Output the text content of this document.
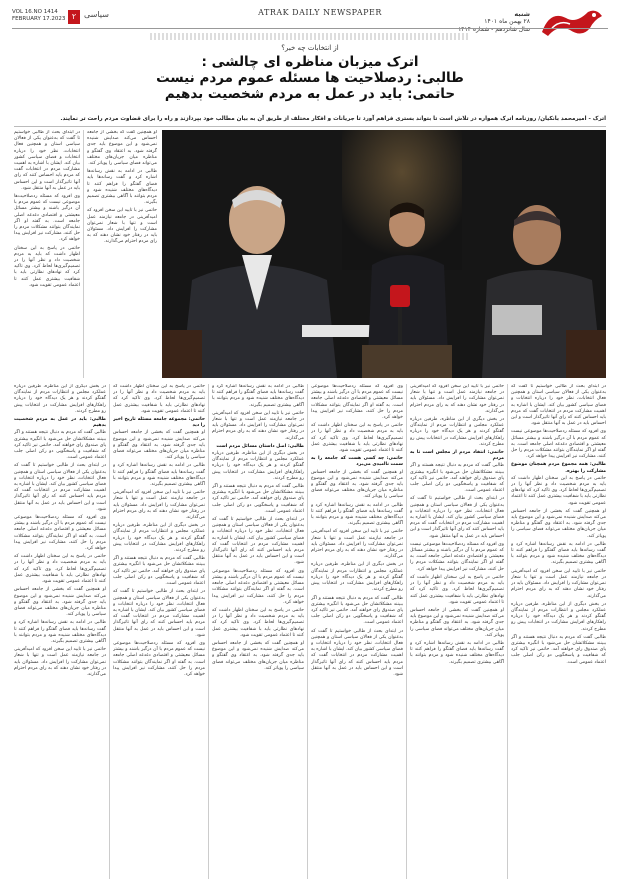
شنبه
۲۸ بهمن ماه ۱۴۰۱
سال شانزدهم - شماره ۱۴۱۴
ATRAK DAILY NEWSPAPER
VOL 16.NO 1414
FEBRUARY 17.2023 ۲ سیاسی
از انتخابات چه خبر؟
اترک میزبان مناظره ای چالشی :
طالبی: ردصلاحیت ها مسئله عموم مردم نیست
حاتمی: باید در عمل به مردم شخصیت بدهیم
اترک - امیرمحمد بانکیان/ روزنامه اترک همواره در تلاش است تا بتواند بستری فراهم آورد تا جریانات و افکار مختلف از طریق آن به بیان مطالب خود بپردازند و راه را برای قضاوت مردم راحت تر نمایند.

در ابتدای بحث از طالبی خواستیم تا گفت که به‌عنوان یکی از فعالان سیاسی استان و همچنین فعال انتخابات، نظر خود را درباره انتخابات و فضای سیاسی کشور بیان کند. ایشان با اشاره به اهمیت مشارکت مردم در انتخابات گفت که مردم باید احساس کنند که رای آنها تاثیرگذار است و این احساس باید در عمل به آنها منتقل شود.

وی افزود که مسئله ردصلاحیت‌ها موضوعی نیست که عموم مردم با آن درگیر باشند و بیشتر مسائل معیشتی و اقتصادی دغدغه اصلی جامعه است. به گفته او اگر نمایندگان بتوانند مشکلات مردم را حل کنند، مشارکت نیز افزایش پیدا خواهد کرد.

حاتمی در پاسخ به این سخنان اظهار داشت که باید به مردم شخصیت داد و نظر آنها را در تصمیم‌گیری‌ها لحاظ کرد. وی تاکید کرد که نهادهای نظارتی باید با شفافیت بیشتری عمل کنند تا اعتماد عمومی تقویت شود.

او همچنین گفت که بخشی از جامعه احساس می‌کند صدایش شنیده نمی‌شود و این موضوع باید جدی گرفته شود. به اعتقاد وی گفتگو و مناظره میان جریان‌های مختلف می‌تواند فضای سیاسی را پویاتر کند.

طالبی در ادامه به نقش رسانه‌ها اشاره کرد و گفت رسانه‌ها باید فضای گفتگو را فراهم کنند تا دیدگاه‌های مختلف شنیده شود و مردم بتوانند با آگاهی بیشتری تصمیم بگیرند.

حاتمی نیز با تایید این سخن افزود که امیدآفرینی در جامعه نیازمند عمل است و تنها با شعار نمی‌توان مشارکت را افزایش داد. مسئولان باید در رفتار خود نشان دهند که به رای مردم احترام می‌گذارند.

در بخش دیگری از این مناظره، طرفین درباره عملکرد مجلس و انتظارات مردم از نمایندگان گفتگو کردند و هر یک دیدگاه خود را درباره راهکارهای افزایش مشارکت در انتخابات پیش رو مطرح کردند.

طالبی: باید در عمل به مردم شخصیت بدهیم

طالبی گفت که مردم به دنبال نتیجه هستند و اگر ببینند مشکلاتشان حل می‌شود با انگیزه بیشتری پای صندوق رای خواهند آمد. حاتمی نیز تاکید کرد که شفافیت و پاسخگویی دو رکن اصلی جلب اعتماد عمومی است.

در ابتدای بحث از طالبی خواستیم تا گفت که به‌عنوان یکی از فعالان سیاسی استان و همچنین فعال انتخابات، نظر خود را درباره انتخابات و فضای سیاسی کشور بیان کند. ایشان با اشاره به اهمیت مشارکت مردم در انتخابات گفت که مردم باید احساس کنند که رای آنها تاثیرگذار است و این احساس باید در عمل به آنها منتقل شود.

وی افزود که مسئله ردصلاحیت‌ها موضوعی نیست که عموم مردم با آن درگیر باشند و بیشتر مسائل معیشتی و اقتصادی دغدغه اصلی جامعه است. به گفته او اگر نمایندگان بتوانند مشکلات مردم را حل کنند، مشارکت نیز افزایش پیدا خواهد کرد.

حاتمی در پاسخ به این سخنان اظهار داشت که باید به مردم شخصیت داد و نظر آنها را در تصمیم‌گیری‌ها لحاظ کرد. وی تاکید کرد که نهادهای نظارتی باید با شفافیت بیشتری عمل کنند تا اعتماد عمومی تقویت شود.

او همچنین گفت که بخشی از جامعه احساس می‌کند صدایش شنیده نمی‌شود و این موضوع باید جدی گرفته شود. به اعتقاد وی گفتگو و مناظره میان جریان‌های مختلف می‌تواند فضای سیاسی را پویاتر کند.

طالبی در ادامه به نقش رسانه‌ها اشاره کرد و گفت رسانه‌ها باید فضای گفتگو را فراهم کنند تا دیدگاه‌های مختلف شنیده شود و مردم بتوانند با آگاهی بیشتری تصمیم بگیرند.

حاتمی نیز با تایید این سخن افزود که امیدآفرینی در جامعه نیازمند عمل است و تنها با شعار نمی‌توان مشارکت را افزایش داد. مسئولان باید در رفتار خود نشان دهند که به رای مردم احترام می‌گذارند.

حاتمی در پاسخ به این سخنان اظهار داشت که باید به مردم شخصیت داد و نظر آنها را در تصمیم‌گیری‌ها لحاظ کرد. وی تاکید کرد که نهادهای نظارتی باید با شفافیت بیشتری عمل کنند تا اعتماد عمومی تقویت شود.

حاتمی: مجموعه جامعه مسئله تاریخ اخیر را دید

او همچنین گفت که بخشی از جامعه احساس می‌کند صدایش شنیده نمی‌شود و این موضوع باید جدی گرفته شود. به اعتقاد وی گفتگو و مناظره میان جریان‌های مختلف می‌تواند فضای سیاسی را پویاتر کند.

طالبی در ادامه به نقش رسانه‌ها اشاره کرد و گفت رسانه‌ها باید فضای گفتگو را فراهم کنند تا دیدگاه‌های مختلف شنیده شود و مردم بتوانند با آگاهی بیشتری تصمیم بگیرند.

حاتمی نیز با تایید این سخن افزود که امیدآفرینی در جامعه نیازمند عمل است و تنها با شعار نمی‌توان مشارکت را افزایش داد. مسئولان باید در رفتار خود نشان دهند که به رای مردم احترام می‌گذارند.

در بخش دیگری از این مناظره، طرفین درباره عملکرد مجلس و انتظارات مردم از نمایندگان گفتگو کردند و هر یک دیدگاه خود را درباره راهکارهای افزایش مشارکت در انتخابات پیش رو مطرح کردند.

طالبی گفت که مردم به دنبال نتیجه هستند و اگر ببینند مشکلاتشان حل می‌شود با انگیزه بیشتری پای صندوق رای خواهند آمد. حاتمی نیز تاکید کرد که شفافیت و پاسخگویی دو رکن اصلی جلب اعتماد عمومی است.

در ابتدای بحث از طالبی خواستیم تا گفت که به‌عنوان یکی از فعالان سیاسی استان و همچنین فعال انتخابات، نظر خود را درباره انتخابات و فضای سیاسی کشور بیان کند. ایشان با اشاره به اهمیت مشارکت مردم در انتخابات گفت که مردم باید احساس کنند که رای آنها تاثیرگذار است و این احساس باید در عمل به آنها منتقل شود.

وی افزود که مسئله ردصلاحیت‌ها موضوعی نیست که عموم مردم با آن درگیر باشند و بیشتر مسائل معیشتی و اقتصادی دغدغه اصلی جامعه است. به گفته او اگر نمایندگان بتوانند مشکلات مردم را حل کنند، مشارکت نیز افزایش پیدا خواهد کرد.

طالبی در ادامه به نقش رسانه‌ها اشاره کرد و گفت رسانه‌ها باید فضای گفتگو را فراهم کنند تا دیدگاه‌های مختلف شنیده شود و مردم بتوانند با آگاهی بیشتری تصمیم بگیرند.

حاتمی نیز با تایید این سخن افزود که امیدآفرینی در جامعه نیازمند عمل است و تنها با شعار نمی‌توان مشارکت را افزایش داد. مسئولان باید در رفتار خود نشان دهند که به رای مردم احترام می‌گذارند.

طالبی: اصل داستان مسائل مردم است

در بخش دیگری از این مناظره، طرفین درباره عملکرد مجلس و انتظارات مردم از نمایندگان گفتگو کردند و هر یک دیدگاه خود را درباره راهکارهای افزایش مشارکت در انتخابات پیش رو مطرح کردند.

طالبی گفت که مردم به دنبال نتیجه هستند و اگر ببینند مشکلاتشان حل می‌شود با انگیزه بیشتری پای صندوق رای خواهند آمد. حاتمی نیز تاکید کرد که شفافیت و پاسخگویی دو رکن اصلی جلب اعتماد عمومی است.

در ابتدای بحث از طالبی خواستیم تا گفت که به‌عنوان یکی از فعالان سیاسی استان و همچنین فعال انتخابات، نظر خود را درباره انتخابات و فضای سیاسی کشور بیان کند. ایشان با اشاره به اهمیت مشارکت مردم در انتخابات گفت که مردم باید احساس کنند که رای آنها تاثیرگذار است و این احساس باید در عمل به آنها منتقل شود.

وی افزود که مسئله ردصلاحیت‌ها موضوعی نیست که عموم مردم با آن درگیر باشند و بیشتر مسائل معیشتی و اقتصادی دغدغه اصلی جامعه است. به گفته او اگر نمایندگان بتوانند مشکلات مردم را حل کنند، مشارکت نیز افزایش پیدا خواهد کرد.

حاتمی در پاسخ به این سخنان اظهار داشت که باید به مردم شخصیت داد و نظر آنها را در تصمیم‌گیری‌ها لحاظ کرد. وی تاکید کرد که نهادهای نظارتی باید با شفافیت بیشتری عمل کنند تا اعتماد عمومی تقویت شود.

او همچنین گفت که بخشی از جامعه احساس می‌کند صدایش شنیده نمی‌شود و این موضوع باید جدی گرفته شود. به اعتقاد وی گفتگو و مناظره میان جریان‌های مختلف می‌تواند فضای سیاسی را پویاتر کند.

وی افزود که مسئله ردصلاحیت‌ها موضوعی نیست که عموم مردم با آن درگیر باشند و بیشتر مسائل معیشتی و اقتصادی دغدغه اصلی جامعه است. به گفته او اگر نمایندگان بتوانند مشکلات مردم را حل کنند، مشارکت نیز افزایش پیدا خواهد کرد.

حاتمی در پاسخ به این سخنان اظهار داشت که باید به مردم شخصیت داد و نظر آنها را در تصمیم‌گیری‌ها لحاظ کرد. وی تاکید کرد که نهادهای نظارتی باید با شفافیت بیشتری عمل کنند تا اعتماد عمومی تقویت شود.

حاتمی: چه کسی هست که جامعه را به سمت ناامیدی می‌برد

او همچنین گفت که بخشی از جامعه احساس می‌کند صدایش شنیده نمی‌شود و این موضوع باید جدی گرفته شود. به اعتقاد وی گفتگو و مناظره میان جریان‌های مختلف می‌تواند فضای سیاسی را پویاتر کند.

طالبی در ادامه به نقش رسانه‌ها اشاره کرد و گفت رسانه‌ها باید فضای گفتگو را فراهم کنند تا دیدگاه‌های مختلف شنیده شود و مردم بتوانند با آگاهی بیشتری تصمیم بگیرند.

حاتمی نیز با تایید این سخن افزود که امیدآفرینی در جامعه نیازمند عمل است و تنها با شعار نمی‌توان مشارکت را افزایش داد. مسئولان باید در رفتار خود نشان دهند که به رای مردم احترام می‌گذارند.

در بخش دیگری از این مناظره، طرفین درباره عملکرد مجلس و انتظارات مردم از نمایندگان گفتگو کردند و هر یک دیدگاه خود را درباره راهکارهای افزایش مشارکت در انتخابات پیش رو مطرح کردند.

طالبی گفت که مردم به دنبال نتیجه هستند و اگر ببینند مشکلاتشان حل می‌شود با انگیزه بیشتری پای صندوق رای خواهند آمد. حاتمی نیز تاکید کرد که شفافیت و پاسخگویی دو رکن اصلی جلب اعتماد عمومی است.

در ابتدای بحث از طالبی خواستیم تا گفت که به‌عنوان یکی از فعالان سیاسی استان و همچنین فعال انتخابات، نظر خود را درباره انتخابات و فضای سیاسی کشور بیان کند. ایشان با اشاره به اهمیت مشارکت مردم در انتخابات گفت که مردم باید احساس کنند که رای آنها تاثیرگذار است و این احساس باید در عمل به آنها منتقل شود.

حاتمی نیز با تایید این سخن افزود که امیدآفرینی در جامعه نیازمند عمل است و تنها با شعار نمی‌توان مشارکت را افزایش داد. مسئولان باید در رفتار خود نشان دهند که به رای مردم احترام می‌گذارند.

در بخش دیگری از این مناظره، طرفین درباره عملکرد مجلس و انتظارات مردم از نمایندگان گفتگو کردند و هر یک دیدگاه خود را درباره راهکارهای افزایش مشارکت در انتخابات پیش رو مطرح کردند.

حاتمی: انتقاد مردم از مجلس است تا به مردم

طالبی گفت که مردم به دنبال نتیجه هستند و اگر ببینند مشکلاتشان حل می‌شود با انگیزه بیشتری پای صندوق رای خواهند آمد. حاتمی نیز تاکید کرد که شفافیت و پاسخگویی دو رکن اصلی جلب اعتماد عمومی است.

در ابتدای بحث از طالبی خواستیم تا گفت که به‌عنوان یکی از فعالان سیاسی استان و همچنین فعال انتخابات، نظر خود را درباره انتخابات و فضای سیاسی کشور بیان کند. ایشان با اشاره به اهمیت مشارکت مردم در انتخابات گفت که مردم باید احساس کنند که رای آنها تاثیرگذار است و این احساس باید در عمل به آنها منتقل شود.

وی افزود که مسئله ردصلاحیت‌ها موضوعی نیست که عموم مردم با آن درگیر باشند و بیشتر مسائل معیشتی و اقتصادی دغدغه اصلی جامعه است. به گفته او اگر نمایندگان بتوانند مشکلات مردم را حل کنند، مشارکت نیز افزایش پیدا خواهد کرد.

حاتمی در پاسخ به این سخنان اظهار داشت که باید به مردم شخصیت داد و نظر آنها را در تصمیم‌گیری‌ها لحاظ کرد. وی تاکید کرد که نهادهای نظارتی باید با شفافیت بیشتری عمل کنند تا اعتماد عمومی تقویت شود.

او همچنین گفت که بخشی از جامعه احساس می‌کند صدایش شنیده نمی‌شود و این موضوع باید جدی گرفته شود. به اعتقاد وی گفتگو و مناظره میان جریان‌های مختلف می‌تواند فضای سیاسی را پویاتر کند.

طالبی در ادامه به نقش رسانه‌ها اشاره کرد و گفت رسانه‌ها باید فضای گفتگو را فراهم کنند تا دیدگاه‌های مختلف شنیده شود و مردم بتوانند با آگاهی بیشتری تصمیم بگیرند.

در ابتدای بحث از طالبی خواستیم تا گفت که به‌عنوان یکی از فعالان سیاسی استان و همچنین فعال انتخابات، نظر خود را درباره انتخابات و فضای سیاسی کشور بیان کند. ایشان با اشاره به اهمیت مشارکت مردم در انتخابات گفت که مردم باید احساس کنند که رای آنها تاثیرگذار است و این احساس باید در عمل به آنها منتقل شود.

وی افزود که مسئله ردصلاحیت‌ها موضوعی نیست که عموم مردم با آن درگیر باشند و بیشتر مسائل معیشتی و اقتصادی دغدغه اصلی جامعه است. به گفته او اگر نمایندگان بتوانند مشکلات مردم را حل کنند، مشارکت نیز افزایش پیدا خواهد کرد.

طالبی: همه مجموع مردم همچنان موضوع مشارکت را بهتره.

حاتمی در پاسخ به این سخنان اظهار داشت که باید به مردم شخصیت داد و نظر آنها را در تصمیم‌گیری‌ها لحاظ کرد. وی تاکید کرد که نهادهای نظارتی باید با شفافیت بیشتری عمل کنند تا اعتماد عمومی تقویت شود.

او همچنین گفت که بخشی از جامعه احساس می‌کند صدایش شنیده نمی‌شود و این موضوع باید جدی گرفته شود. به اعتقاد وی گفتگو و مناظره میان جریان‌های مختلف می‌تواند فضای سیاسی را پویاتر کند.

طالبی در ادامه به نقش رسانه‌ها اشاره کرد و گفت رسانه‌ها باید فضای گفتگو را فراهم کنند تا دیدگاه‌های مختلف شنیده شود و مردم بتوانند با آگاهی بیشتری تصمیم بگیرند.

حاتمی نیز با تایید این سخن افزود که امیدآفرینی در جامعه نیازمند عمل است و تنها با شعار نمی‌توان مشارکت را افزایش داد. مسئولان باید در رفتار خود نشان دهند که به رای مردم احترام می‌گذارند.

در بخش دیگری از این مناظره، طرفین درباره عملکرد مجلس و انتظارات مردم از نمایندگان گفتگو کردند و هر یک دیدگاه خود را درباره راهکارهای افزایش مشارکت در انتخابات پیش رو مطرح کردند.

طالبی گفت که مردم به دنبال نتیجه هستند و اگر ببینند مشکلاتشان حل می‌شود با انگیزه بیشتری پای صندوق رای خواهند آمد. حاتمی نیز تاکید کرد که شفافیت و پاسخگویی دو رکن اصلی جلب اعتماد عمومی است.
